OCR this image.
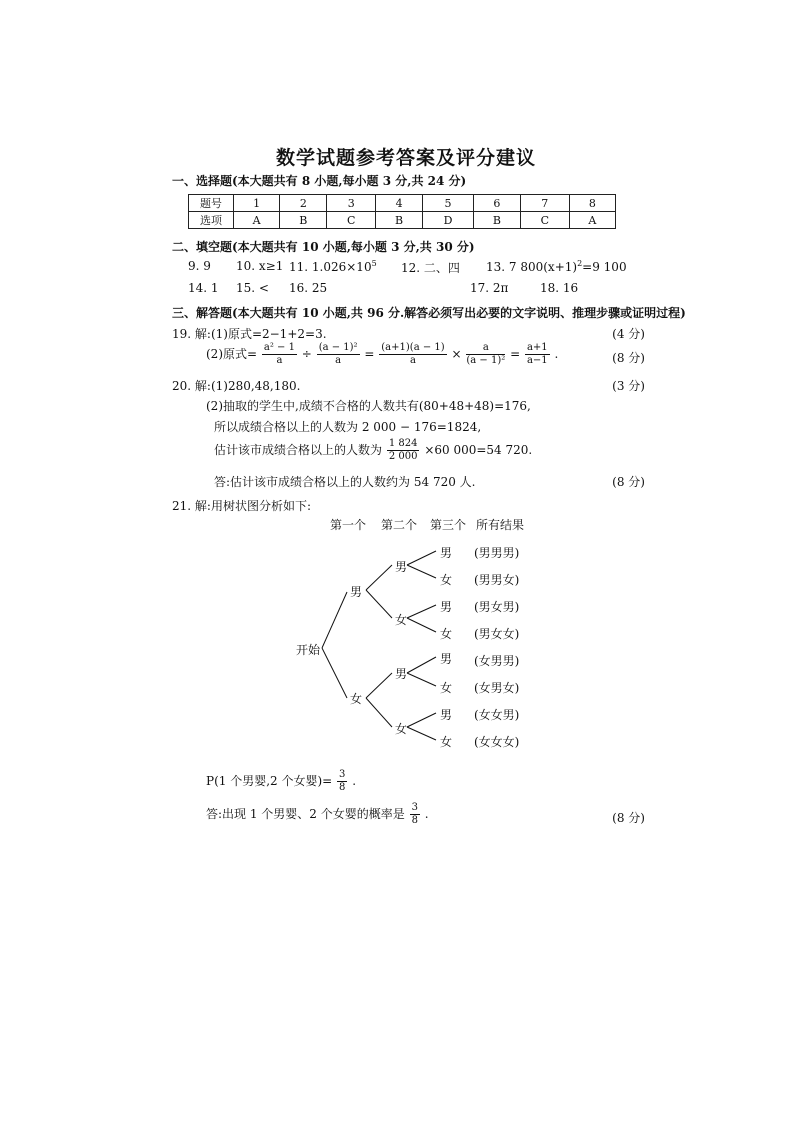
数学试题参考答案及评分建议
一、选择题(本大题共有 8 小题,每小题 3 分,共 24 分)
题号	1	2	3	4	5	6	7	8
选项	A	B	C	B	D	B	C	A
二、填空题(本大题共有 10 小题,每小题 3 分,共 30 分)
9. 9 10. x≥1 11. $1.026\times 10^5$ 12. 二、四 13. 7 $800(x+1)^2=9$ 100
14. 1 15. < 16. 25	17. 2π	18. 16
三、解答题(本大题共有 10 小题,共 96 分.解答必须写出必要的文字说明、推理步骤或证明过程)
19. 解:(1)原式=2−1+2=3.	(4 分)
(2)原式= $\frac{\text{a² − 1}}{a} \div \frac{\text{(a − 1)²}}{a} = \frac{(a+1)(a - 1)}{a} \times \frac{a}{\text{(a − 1)²}} = \frac{a+1}{a-1}$ .	(8 分)
20. 解:(1)280,48,180.	(3 分)
(2)抽取的学生中,成绩不合格的人数共有(80+48+48)=176,
所以成绩合格以上的人数为 2 000 − 176=1824,
估计该市成绩合格以上的人数为 $\frac{1 824}{2 000} \times 60$ 000=54 720.
答:估计该市成绩合格以上的人数约为 54 720 人.	(8 分)
21. 解:用树状图分析如下:
第一个 第二个 第三个 所有结果
开始
男
女
男
女
男
女
男
女
男
女
男
女
男
女
(男男男)
(男男女)
(男女男)
(男女女)
(女男男)
(女男女)
(女女男)
(女女女)
P(1 个男婴,2 个女婴)= $\frac{3}{8}$ .
答:出现 1 个男婴、2 个女婴的概率是 $\frac{3}{8}$ .	(8 分)
